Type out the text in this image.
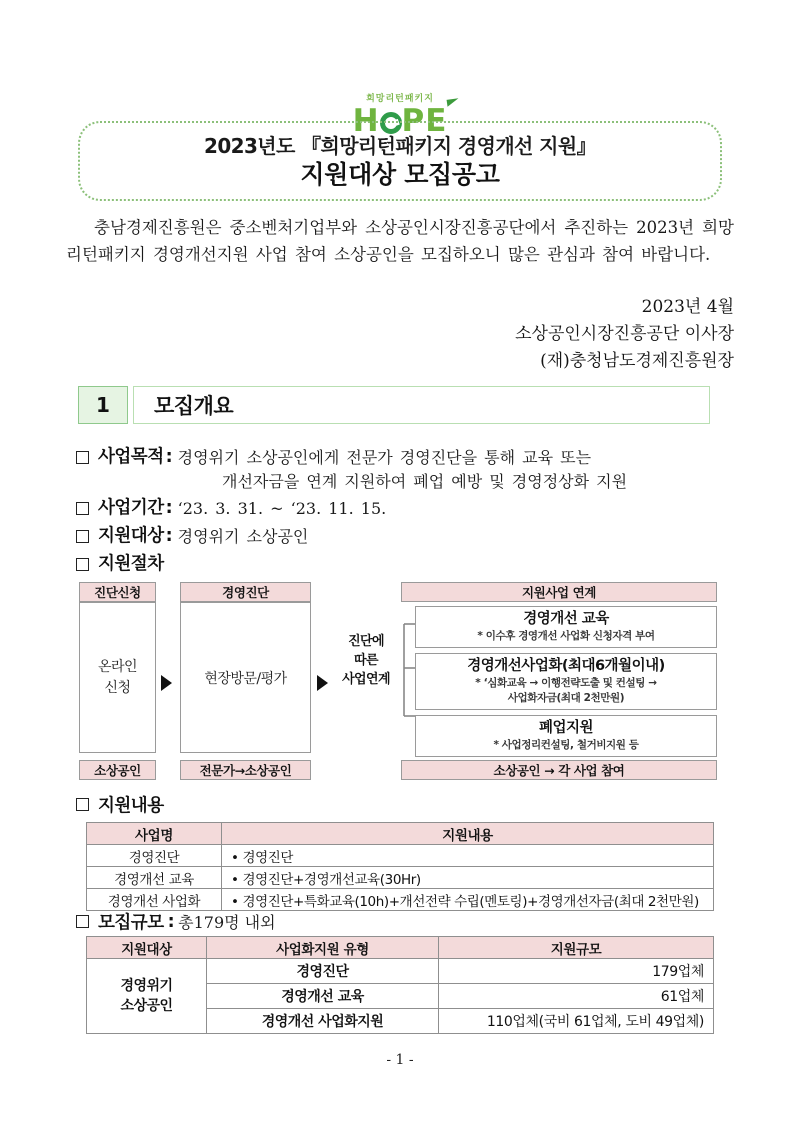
희망리턴패키지
H PE
2023년도 『희망리턴패키지 경영개선 지원』
지원대상 모집공고
충남경제진흥원은 중소벤처기업부와 소상공인시장진흥공단에서 추진하는 2023년 희망리턴패키지 경영개선지원 사업 참여 소상공인을 모집하오니 많은 관심과 참여 바랍니다.
2023년 4월
소상공인시장진흥공단 이사장
(재)충청남도경제진흥원장
1	모집개요
사업목적 : 경영위기 소상공인에게 전문가 경영진단을 통해 교육 또는
개선자금을 연계 지원하여 폐업 예방 및 경영정상화 지원
사업기간 : ‘23. 3. 31. ~ ‘23. 11. 15.
지원대상 : 경영위기 소상공인
지원절차
진단신청
온라인
신청
경영진단
현장방문/평가
진단에
따른
사업연계
지원사업 연계
경영개선 교육
* 이수후 경영개선 사업화 신청자격 부여
경영개선사업화(최대6개월이내)
* ‘심화교육 → 이행전략도출 및 컨설팅 →
사업화자금(최대 2천만원)
폐업지원
* 사업정리컨설팅, 철거비지원 등
소상공인	전문가→소상공인	소상공인 → 각 사업 참여
지원내용
사업명	지원내용
경영진단	• 경영진단
경영개선 교육	• 경영진단+경영개선교육(30Hr)
경영개선 사업화	• 경영진단+특화교육(10h)+개선전략 수립(멘토링)+경영개선자금(최대 2천만원)
모집규모 : 총179명 내외
지원대상	사업화지원 유형	지원규모

경영위기
소상공인	경영진단	179업체
	경영개선 교육	61업체
	경영개선 사업화지원	110업체(국비 61업체, 도비 49업체)
- 1 -
